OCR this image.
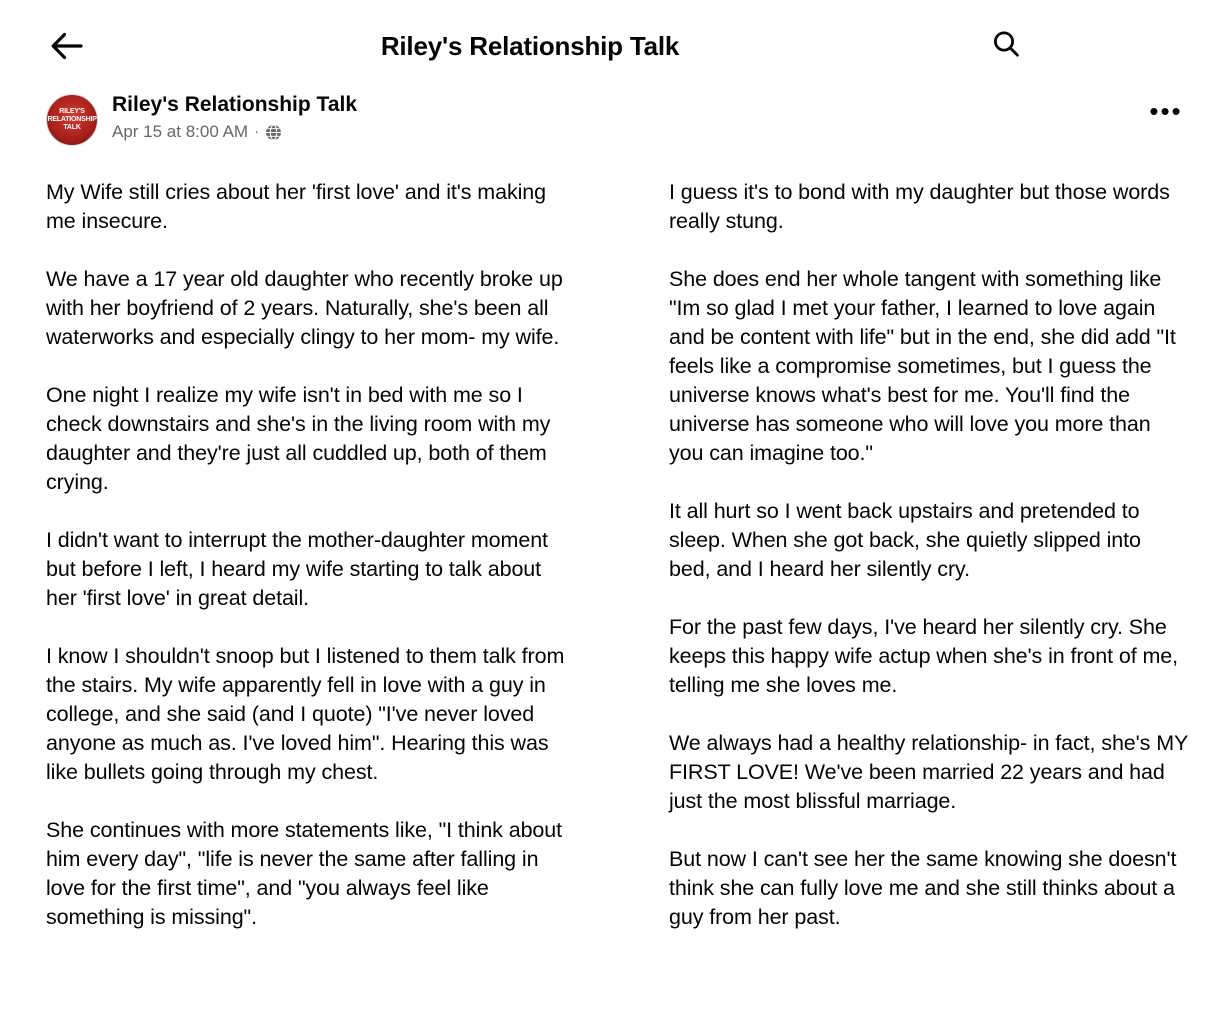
Riley's Relationship Talk
RILEY'S RELATIONSHIP TALK
Riley's Relationship Talk
Apr 15 at 8:00 AM ·
•••

My Wife still cries about her 'first love' and it's making me insecure.

We have a 17 year old daughter who recently broke up with her boyfriend of 2 years. Naturally, she's been all waterworks and especially clingy to her mom- my wife.

One night I realize my wife isn't in bed with me so I check downstairs and she's in the living room with my daughter and they're just all cuddled up, both of them crying.

I didn't want to interrupt the mother-daughter moment but before I left, I heard my wife starting to talk about her 'first love' in great detail.

I know I shouldn't snoop but I listened to them talk from the stairs. My wife apparently fell in love with a guy in college, and she said (and I quote) "I've never loved anyone as much as. I've loved him". Hearing this was like bullets going through my chest.

She continues with more statements like, "I think about him every day", "life is never the same after falling in love for the first time", and "you always feel like something is missing".

I guess it's to bond with my daughter but those words really stung.

She does end her whole tangent with something like "Im so glad I met your father, I learned to love again and be content with life" but in the end, she did add "It feels like a compromise sometimes, but I guess the universe knows what's best for me. You'll find the universe has someone who will love you more than you can imagine too."

It all hurt so I went back upstairs and pretended to sleep. When she got back, she quietly slipped into bed, and I heard her silently cry.

For the past few days, I've heard her silently cry. She keeps this happy wife actup when she's in front of me, telling me she loves me.

We always had a healthy relationship- in fact, she's MY FIRST LOVE! We've been married 22 years and had just the most blissful marriage.

But now I can't see her the same knowing she doesn't think she can fully love me and she still thinks about a guy from her past.
